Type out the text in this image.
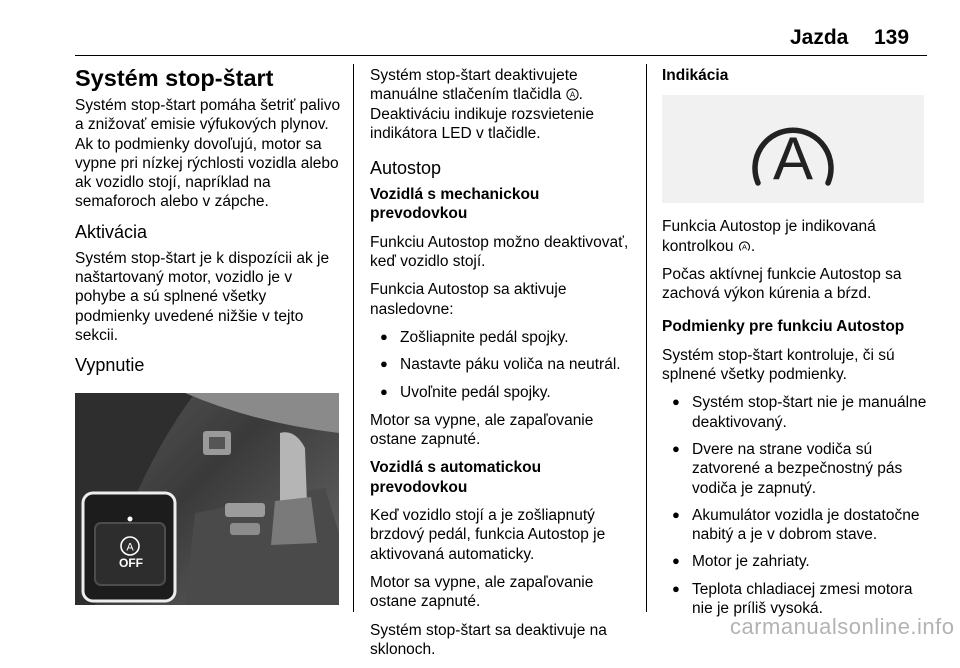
Jazda 139
Systém stop-štart

Systém stop-štart pomáha šetriť palivo a znižovať emisie výfukových plynov. Ak to podmienky dovoľujú, motor sa vypne pri nízkej rýchlosti vozidla alebo ak vozidlo stojí, napríklad na semaforoch alebo v zápche.

Aktivácia

Systém stop-štart je k dispozícii ak je naštartovaný motor, vozidlo je v pohybe a sú splnené všetky podmienky uvedené nižšie v tejto sekcii.

Vypnutie
A
OFF

Systém stop-štart deaktivujete manuálne stlačením tlačidla A . Deaktiváciu indikuje rozsvietenie indikátora LED v tlačidle.

Autostop

Vozidlá s mechanickou prevodovkou

Funkciu Autostop možno deaktivovať, keď vozidlo stojí.

Funkcia Autostop sa aktivuje nasledovne:

● Zošliapnite pedál spojky.
● Nastavte páku voliča na neutrál.
● Uvoľnite pedál spojky.

Motor sa vypne, ale zapaľovanie ostane zapnuté.

Vozidlá s automatickou prevodovkou

Keď vozidlo stojí a je zošliapnutý brzdový pedál, funkcia Autostop je aktivovaná automaticky.

Motor sa vypne, ale zapaľovanie ostane zapnuté.

Systém stop-štart sa deaktivuje na sklonoch.

Indikácia

A

Funkcia Autostop je indikovaná kontrolkou A .

Počas aktívnej funkcie Autostop sa zachová výkon kúrenia a bŕzd.

Podmienky pre funkciu Autostop

Systém stop-štart kontroluje, či sú splnené všetky podmienky.

● Systém stop-štart nie je manuálne deaktivovaný.
● Dvere na strane vodiča sú zatvorené a bezpečnostný pás vodiča je zapnutý.
● Akumulátor vozidla je dostatočne nabitý a je v dobrom stave.
● Motor je zahriaty.
● Teplota chladiacej zmesi motora nie je príliš vysoká.
carmanualsonline.info
